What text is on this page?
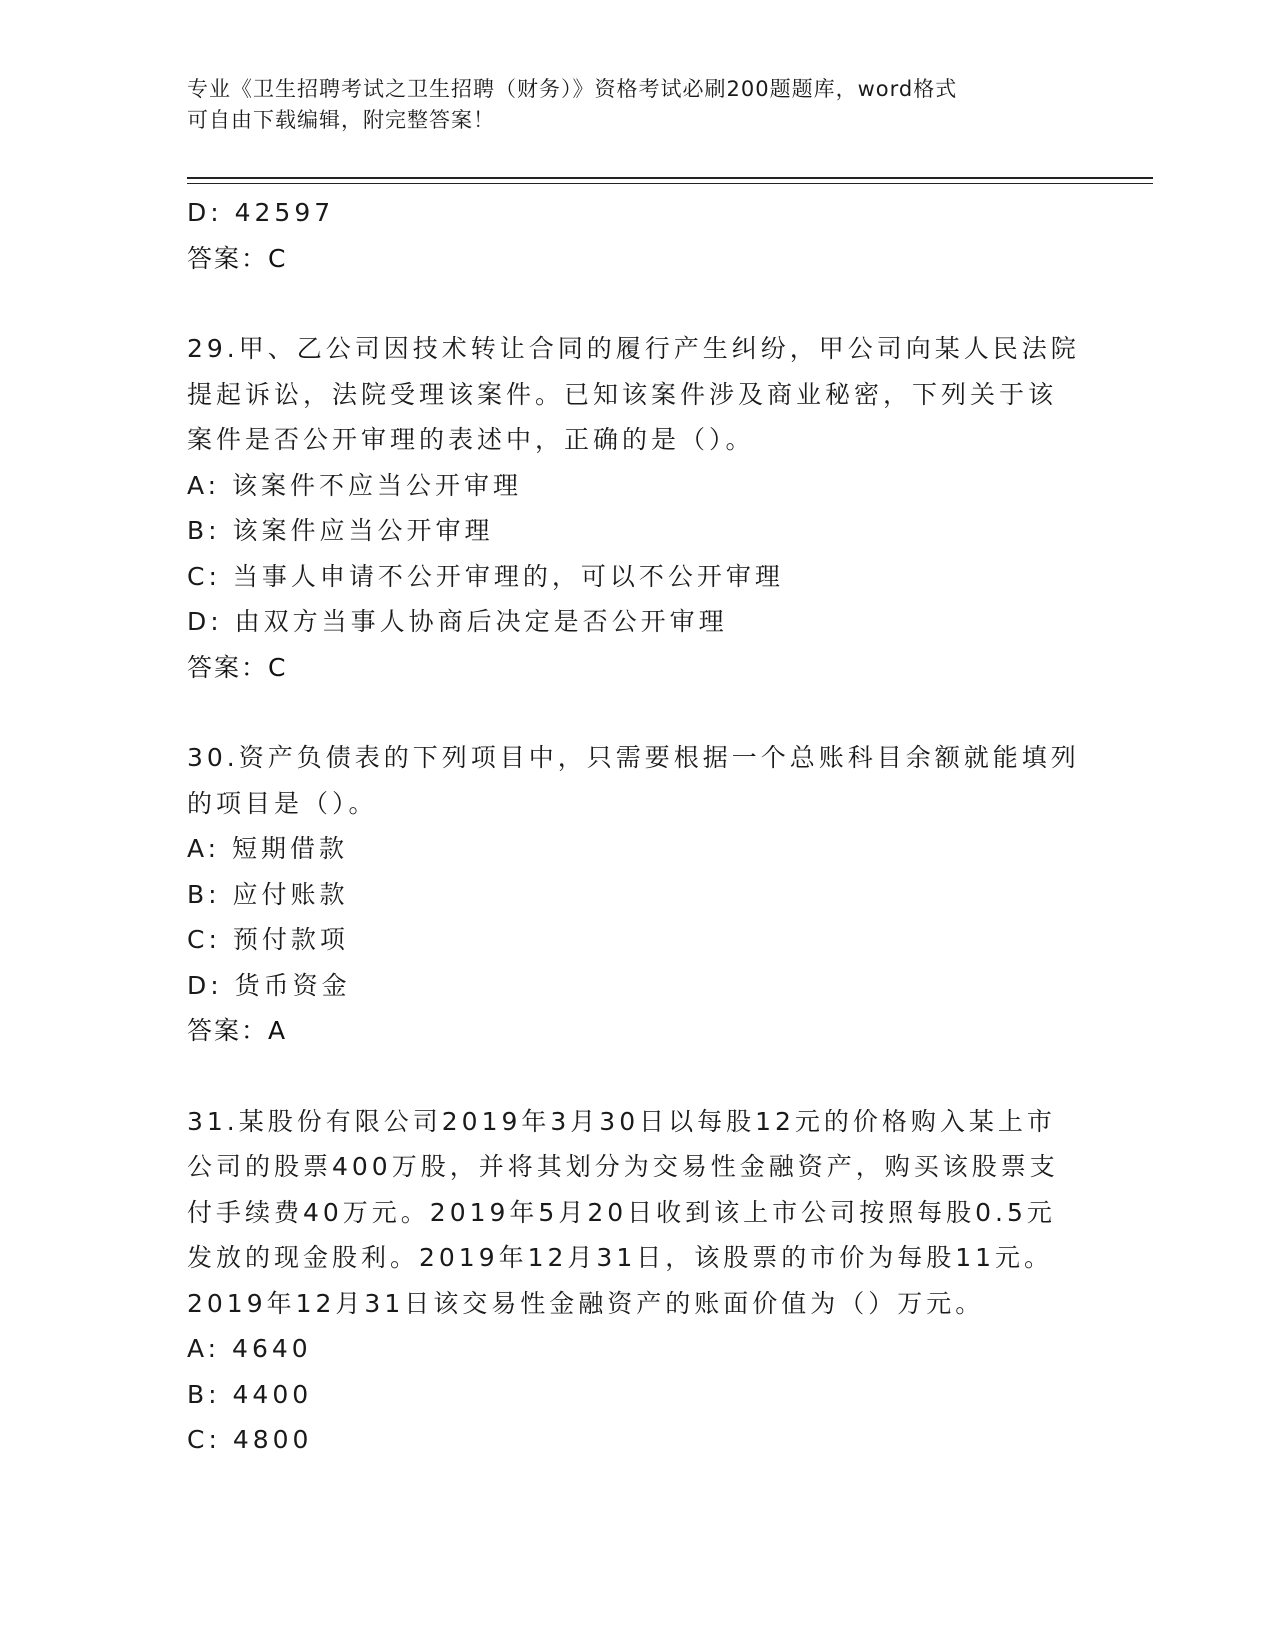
专业《卫生招聘考试之卫生招聘（财务）》资格考试必刷200题题库，word格式
可自由下载编辑，附完整答案！
D: 42597
答案：C
29.甲、乙公司因技术转让合同的履行产生纠纷，甲公司向某人民法院
提起诉讼，法院受理该案件。已知该案件涉及商业秘密，下列关于该
案件是否公开审理的表述中，正确的是（）。
A: 该案件不应当公开审理
B: 该案件应当公开审理
C: 当事人申请不公开审理的，可以不公开审理
D: 由双方当事人协商后决定是否公开审理
答案：C
30.资产负债表的下列项目中，只需要根据一个总账科目余额就能填列
的项目是（）。
A: 短期借款
B: 应付账款
C: 预付款项
D: 货币资金
答案：A
31.某股份有限公司2019年3月30日以每股12元的价格购入某上市
公司的股票400万股，并将其划分为交易性金融资产，购买该股票支
付手续费40万元。2019年5月20日收到该上市公司按照每股0.5元
发放的现金股利。2019年12月31日，该股票的市价为每股11元。
2019年12月31日该交易性金融资产的账面价值为（）万元。
A: 4640
B: 4400
C: 4800
